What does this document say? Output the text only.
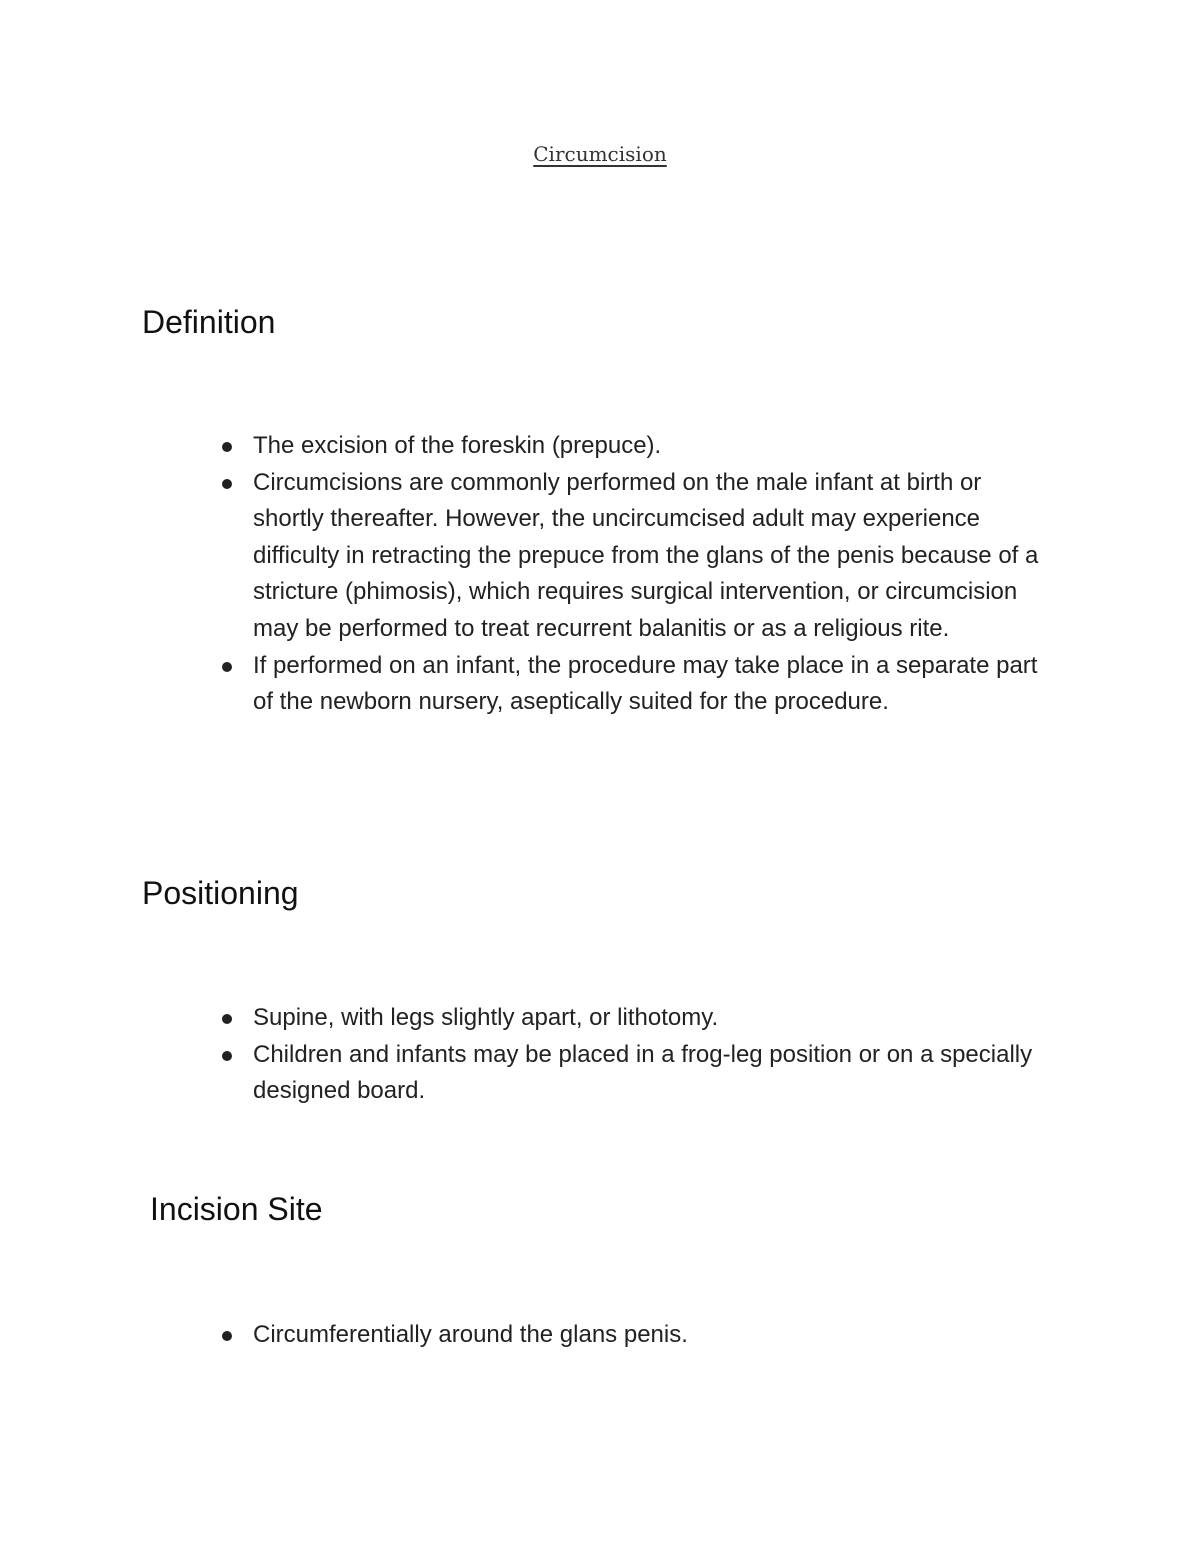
Circumcision
Definition
The excision of the foreskin (prepuce).
Circumcisions are commonly performed on the male infant at birth or shortly thereafter. However, the uncircumcised adult may experience difficulty in retracting the prepuce from the glans of the penis because of a stricture (phimosis), which requires surgical intervention, or circumcision may be performed to treat recurrent balanitis or as a religious rite.
If performed on an infant, the procedure may take place in a separate part of the newborn nursery, aseptically suited for the procedure.
Positioning
Supine, with legs slightly apart, or lithotomy.
Children and infants may be placed in a frog-leg position or on a specially designed board.
Incision Site
Circumferentially around the glans penis.
